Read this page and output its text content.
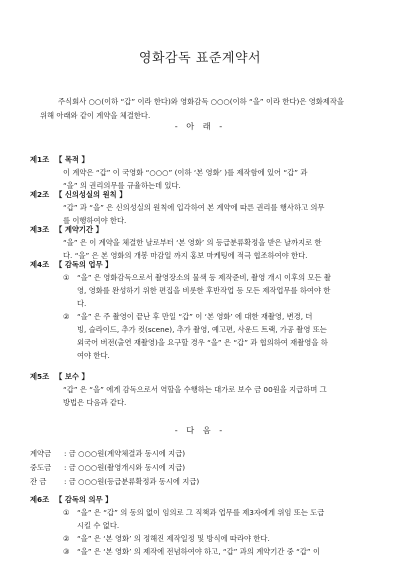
영화감독 표준계약서
주식회사 ○○(이하 “갑” 이라 한다)와 영화감독 ○○○(이하 “을” 이라 한다)은 영화제작을
위해 아래와 같이 계약을 체결한다.
- 아 래 -
제1조 【 목적 】
이 계약은 “갑” 이 국영화 “○○○” (이하 ‘본 영화’ )를 제작함에 있어 “갑” 과
“을” 의 권리의무를 규율하는데 있다.
제2조 【 신의성실의 원칙 】
“갑” 과 “을” 은 신의성실의 원칙에 입각하여 본 계약에 따른 권리를 행사하고 의무
를 이행하여야 한다.
제3조 【 계약기간 】
“을” 은 이 계약을 체결한 날로부터 ‘본 영화’ 의 등급분류확정을 받은 날까지로 한
다. “을” 은 본 영화의 개봉 마감일 까지 홍보 마케팅에 적극 협조하여야 한다.
제4조 【 감독의 업무 】
① “을” 은 영화감독으로서 촬영장소의 물색 등 제작준비, 촬영 개시 이후의 모든 촬
영, 영화를 완성하기 위한 편집을 비롯한 후반작업 등 모든 제작업무를 하여야 한
다.
② “을” 은 주 촬영이 끝난 후 만일 “갑” 이 ‘본 영화’ 에 대한 재촬영, 변경, 더
빙, 슬라이드, 추가 컷(scene), 추가 촬영, 예고편, 사운드 트랙, 가공 촬영 또는
외국어 버전(출연 재촬영)을 요구할 경우 “을” 은 “갑” 과 협의하여 재촬영을 하
여야 한다.
제5조 【 보수 】
“갑” 은 “을” 에게 감독으로서 역할을 수행하는 대가로 보수 금 00원을 지급하며 그
방법은 다음과 같다.
- 다 음 -
계약금 : 금 ○○○원(계약체결과 동시에 지급)
중도금 : 금 ○○○원(촬영개시와 동시에 지급)
잔 금 : 금 ○○○원(등급분류확정과 동시에 지급)
제6조 【 감독의 의무 】
① “을” 은 “갑” 의 동의 없이 임의로 그 직책과 업무를 제3자에게 위임 또는 도급
시킬 수 없다.
② “을” 은 ‘본 영화’ 의 정해진 제작일정 및 방식에 따라야 한다.
③ “을” 은 ‘본 영화’ 의 제작에 전념하여야 하고, “갑” 과의 계약기간 중 “갑” 이
